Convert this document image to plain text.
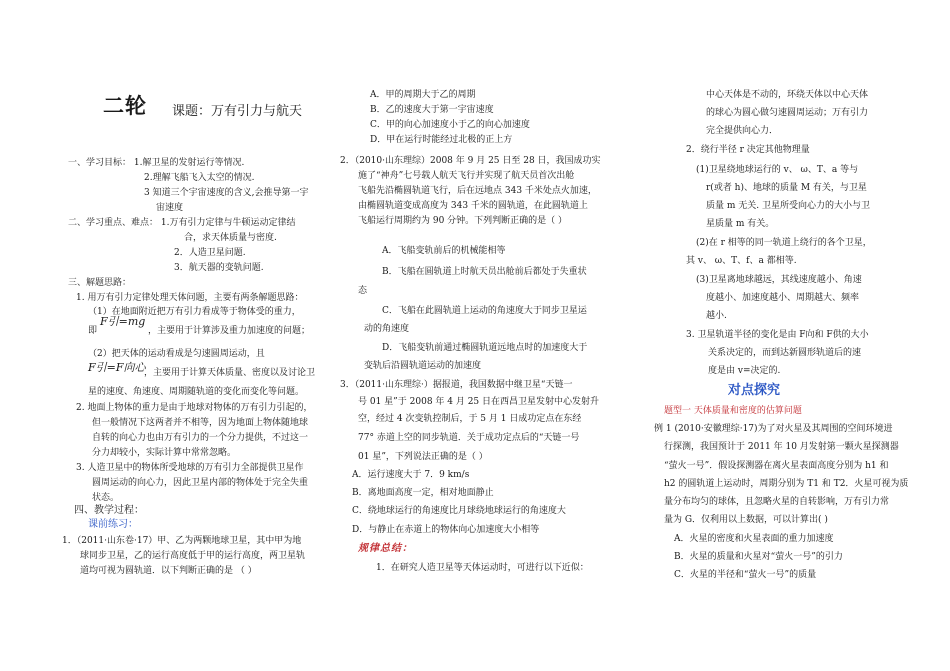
二轮 课题：万有引力与航天
一、学习目标： 1.解卫星的发射运行等情况.
2.理解飞船飞入太空的情况.
3 知道三个宇宙速度的含义,会推导第一宇
宙速度
二、学习重点、难点： 1.万有引力定律与牛顿运动定律结
合，求天体质量与密度.
2．人造卫星问题.
3．航天器的变轨问题.
三、解题思路：
1. 用万有引力定律处理天体问题，主要有两条解题思路：
（1）在地面附近把万有引力看成等于物体受的重力，
即
F引=mg
，主要用于计算涉及重力加速度的问题；
（2）把天体的运动看成是匀速圆周运动，且
F引=F向心
，主要用于计算天体质量、密度以及讨论卫
星的速度、角速度、周期随轨道的变化而变化等问题。
2. 地面上物体的重力是由于地球对物体的万有引力引起的，
但一般情况下这两者并不相等，因为地面上物体随地球
自转的向心力也由万有引力的一个分力提供，不过这一
分力却较小，实际计算中常常忽略。
3. 人造卫星中的物体所受地球的万有引力全部提供卫星作
圆周运动的向心力，因此卫星内部的物体处于完全失重
状态。
四、教学过程：
课前练习：
1．（2011·山东卷·17）甲、乙为两颗地球卫星，其中甲为地
球同步卫星，乙的运行高度低于甲的运行高度，两卫星轨
道均可视为圆轨道．以下判断正确的是 （ ）
A．甲的周期大于乙的周期
B．乙的速度大于第一宇宙速度
C．甲的向心加速度小于乙的向心加速度
D．甲在运行时能经过北极的正上方
2．（2010·山东理综）2008 年 9 月 25 日至 28 日，我国成功实
施了“神舟”七号载人航天飞行并实现了航天员首次出舱
飞船先沿椭圆轨道飞行，后在远地点 343 千米处点火加速，
由椭圆轨道变成高度为 343 千米的圆轨道，在此圆轨道上
飞船运行周期约为 90 分钟。下列判断正确的是（ ）
A．飞船变轨前后的机械能相等
B．飞船在圆轨道上时航天员出舱前后都处于失重状
态
C．飞船在此圆轨道上运动的角速度大于同步卫星运
动的角速度
D．飞船变轨前通过椭圆轨道远地点时的加速度大于
变轨后沿圆轨道运动的加速度
3．（2011·山东理综·）据报道，我国数据中继卫星“天链一
号 01 星”于 2008 年 4 月 25 日在西昌卫星发射中心发射升
空，经过 4 次变轨控制后，于 5 月 1 日成功定点在东经
77° 赤道上空的同步轨道．关于成功定点后的“天链一号
01 星”，下列说法正确的是（ ）
A．运行速度大于 7．9 km/s
B．离地面高度一定，相对地面静止
C．绕地球运行的角速度比月球绕地球运行的角速度大
D．与静止在赤道上的物体向心加速度大小相等
规律总结：
1．在研究人造卫星等天体运动时，可进行以下近似：
中心天体是不动的，环绕天体以中心天体
的球心为圆心做匀速圆周运动；万有引力
完全提供向心力．
2．绕行半径 r 决定其他物理量
(1)卫星绕地球运行的 v、 ω、T、a 等与
r(或者 h)、地球的质量 M 有关，与卫星
质量 m 无关. 卫星所受向心力的大小与卫
星质量 m 有关。
(2)在 r 相等的同一轨道上绕行的各个卫星，
其 v、 ω、T、f、a 都相等.
(3)卫星离地球越远，其线速度越小、角速
度越小、加速度越小、周期越大、频率
越小.
3. 卫星轨道半径的变化是由 F向和 F供的大小
关系决定的，而到达新圆形轨道后的速
度是由 v=决定的.
对点探究
题型一 天体质量和密度的估算问题
例 1 (2010·安徽理综·17)为了对火星及其周围的空间环境进
行探测，我国预计于 2011 年 10 月发射第一颗火星探测器
“萤火一号”．假设探测器在离火星表面高度分别为 h1 和
h2 的圆轨道上运动时，周期分别为 T1 和 T2．火星可视为质
量分布均匀的球体，且忽略火星的自转影响，万有引力常
量为 G．仅利用以上数据，可以计算出( )
A．火星的密度和火星表面的重力加速度
B．火星的质量和火星对“萤火一号”的引力
C．火星的半径和“萤火一号”的质量
